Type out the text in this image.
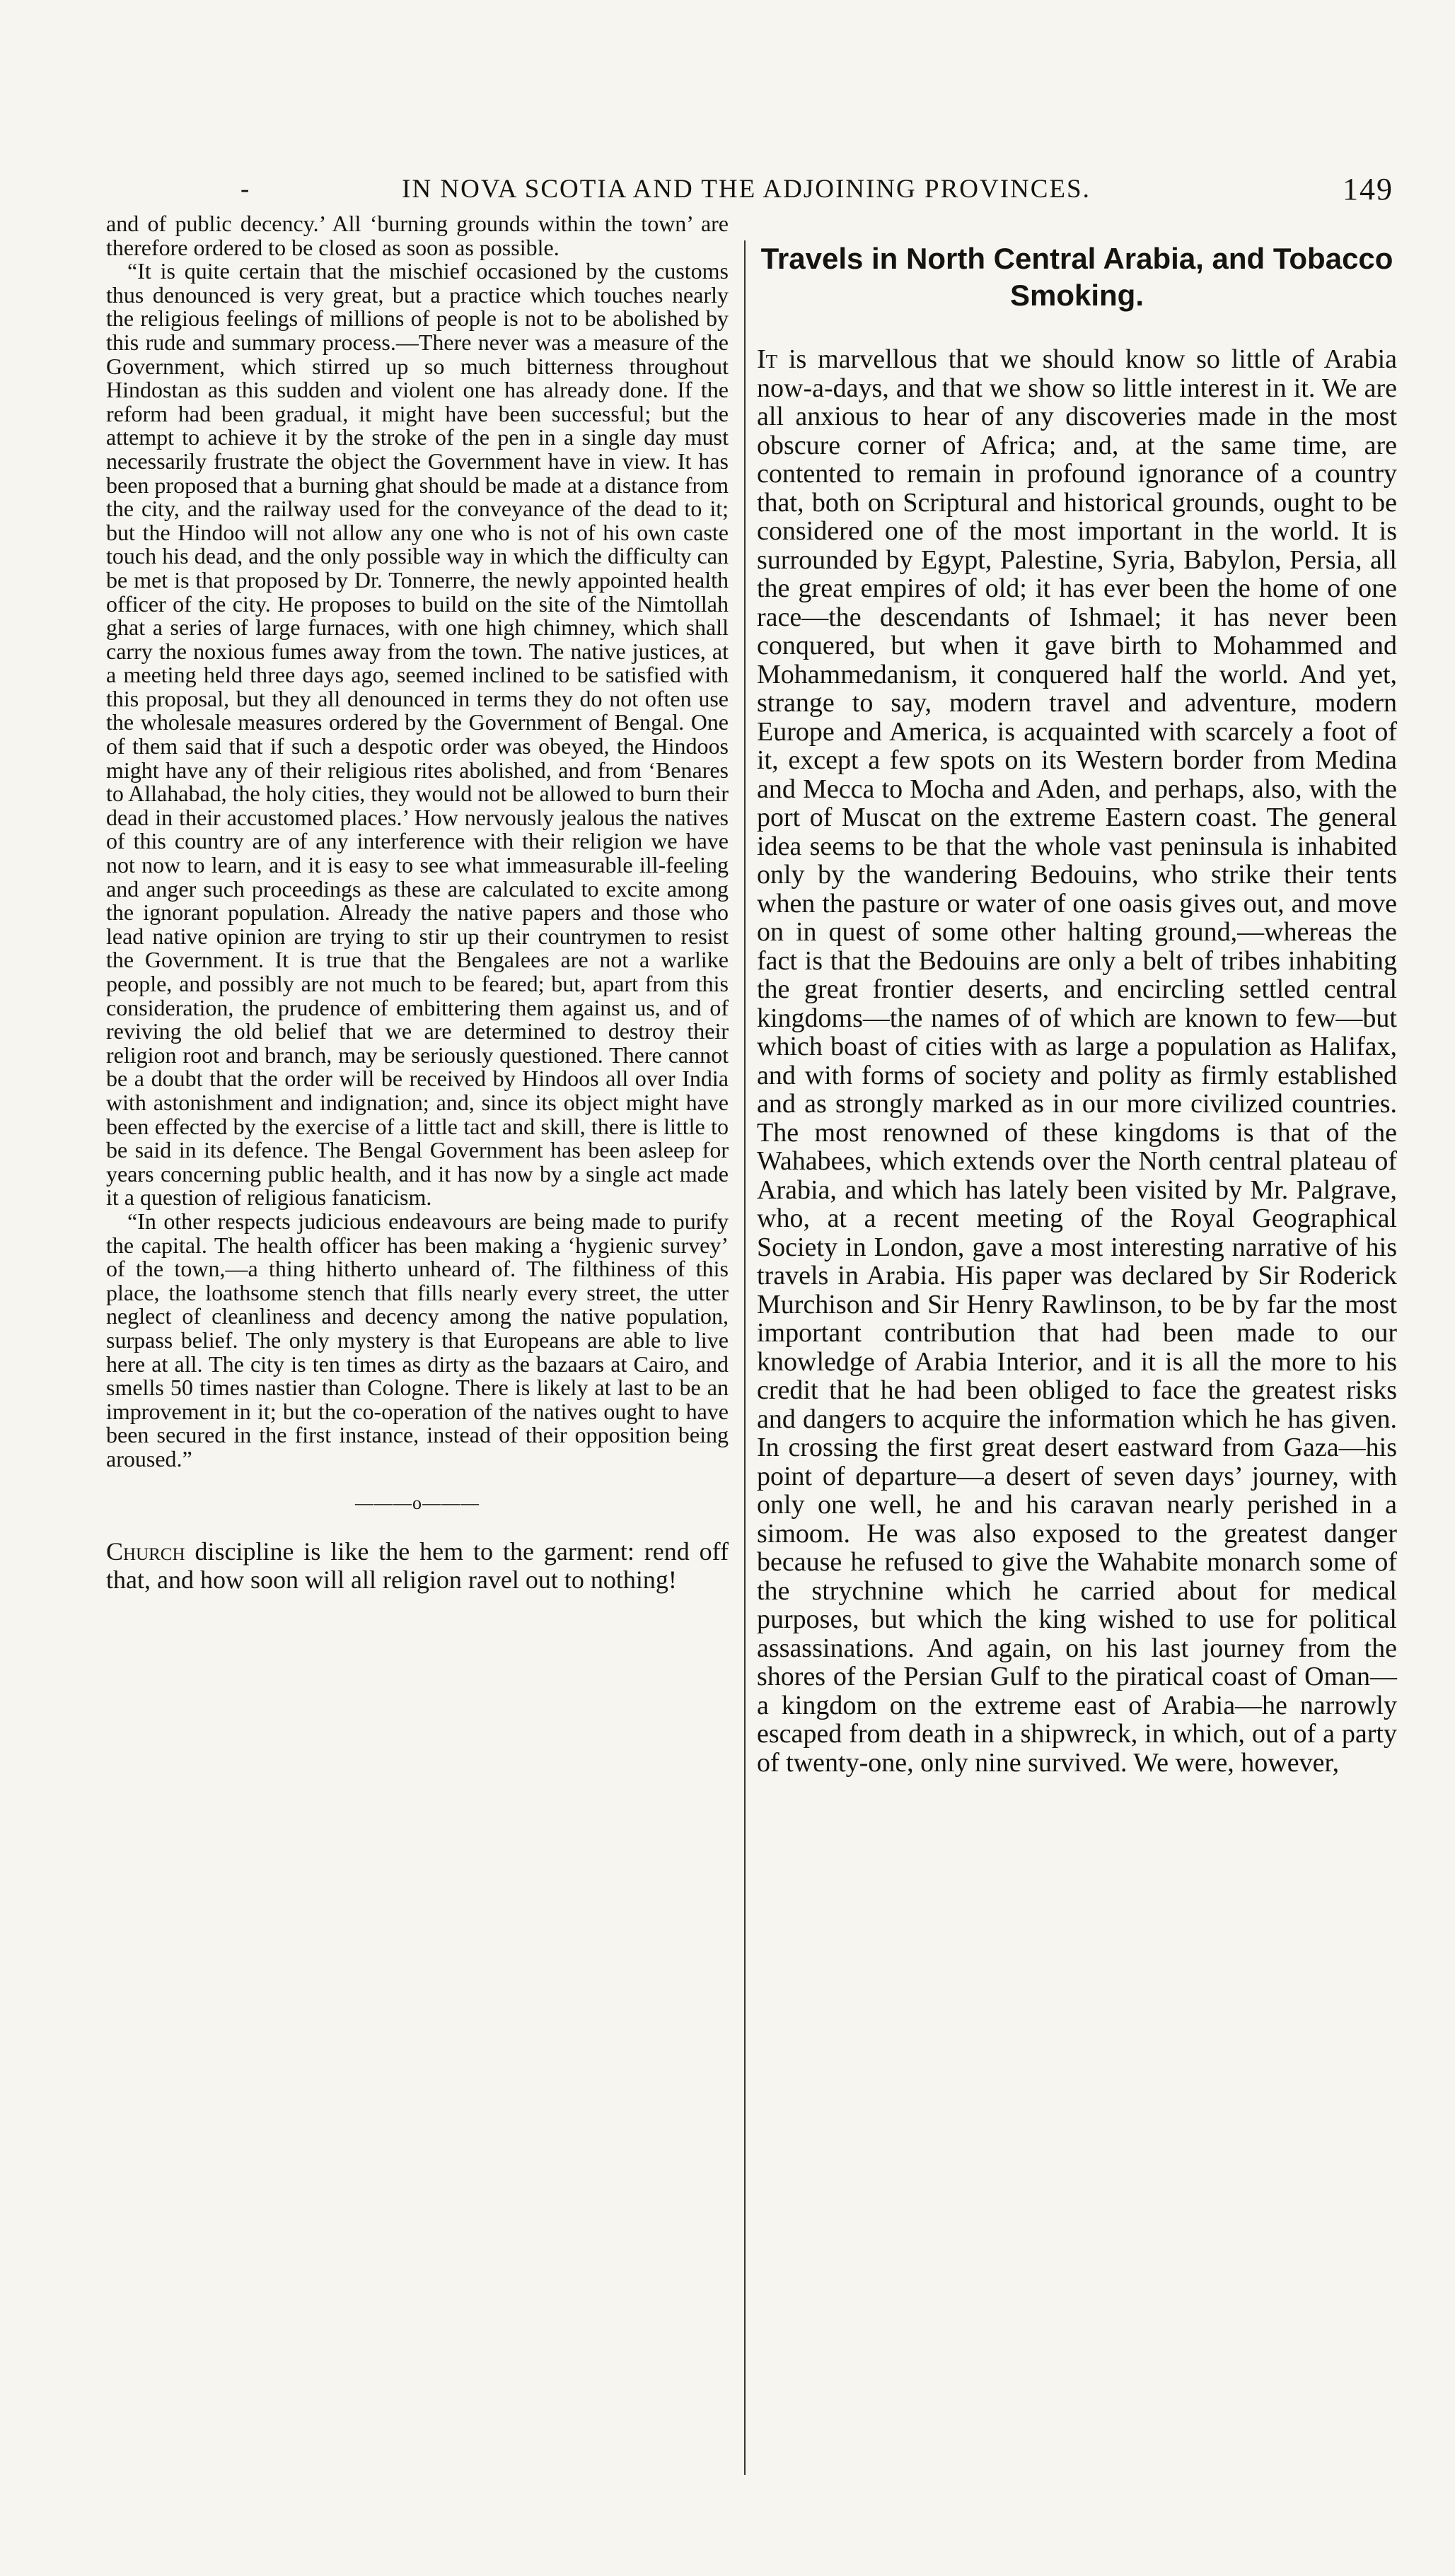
-	IN NOVA SCOTIA AND THE ADJOINING PROVINCES.	149

and of public decency.’ All ‘burning grounds within the town’ are therefore ordered to be closed as soon as possible.

“It is quite certain that the mischief occasioned by the customs thus denounced is very great, but a practice which touches nearly the religious feelings of millions of people is not to be abolished by this rude and summary process.—There never was a measure of the Government, which stirred up so much bitterness throughout Hindostan as this sudden and violent one has already done. If the reform had been gradual, it might have been successful; but the attempt to achieve it by the stroke of the pen in a single day must necessarily frustrate the object the Government have in view. It has been proposed that a burning ghat should be made at a distance from the city, and the railway used for the conveyance of the dead to it; but the Hindoo will not allow any one who is not of his own caste touch his dead, and the only possible way in which the difficulty can be met is that proposed by Dr. Tonnerre, the newly appointed health officer of the city. He proposes to build on the site of the Nimtollah ghat a series of large furnaces, with one high chimney, which shall carry the noxious fumes away from the town. The native justices, at a meeting held three days ago, seemed inclined to be satisfied with this proposal, but they all denounced in terms they do not often use the wholesale measures ordered by the Government of Bengal. One of them said that if such a despotic order was obeyed, the Hindoos might have any of their religious rites abolished, and from ‘Benares to Allahabad, the holy cities, they would not be allowed to burn their dead in their accustomed places.’ How nervously jealous the natives of this country are of any interference with their religion we have not now to learn, and it is easy to see what immeasurable ill-feeling and anger such proceedings as these are calculated to excite among the ignorant population. Already the native papers and those who lead native opinion are trying to stir up their countrymen to resist the Government. It is true that the Bengalees are not a warlike people, and possibly are not much to be feared; but, apart from this consideration, the prudence of embittering them against us, and of reviving the old belief that we are determined to destroy their religion root and branch, may be seriously questioned. There cannot be a doubt that the order will be received by Hindoos all over India with astonishment and indignation; and, since its object might have been effected by the exercise of a little tact and skill, there is little to be said in its defence. The Bengal Government has been asleep for years concerning public health, and it has now by a single act made it a question of religious fanaticism.

“In other respects judicious endeavours are being made to purify the capital. The health officer has been making a ‘hygienic survey’ of the town,—a thing hitherto unheard of. The filthiness of this place, the loathsome stench that fills nearly every street, the utter neglect of cleanliness and decency among the native population, surpass belief. The only mystery is that Europeans are able to live here at all. The city is ten times as dirty as the bazaars at Cairo, and smells 50 times nastier than Cologne. There is likely at last to be an improvement in it; but the co-operation of the natives ought to have been secured in the first instance, instead of their opposition being aroused.”

———o———

Church discipline is like the hem to the garment: rend off that, and how soon will all religion ravel out to nothing!

Travels in North Central Arabia, and Tobacco Smoking.

It is marvellous that we should know so little of Arabia now-a-days, and that we show so little interest in it. We are all anxious to hear of any discoveries made in the most obscure corner of Africa; and, at the same time, are contented to remain in profound ignorance of a country that, both on Scriptural and historical grounds, ought to be considered one of the most important in the world. It is surrounded by Egypt, Palestine, Syria, Babylon, Persia, all the great empires of old; it has ever been the home of one race—the descendants of Ishmael; it has never been conquered, but when it gave birth to Mohammed and Mohammedanism, it conquered half the world. And yet, strange to say, modern travel and adventure, modern Europe and America, is acquainted with scarcely a foot of it, except a few spots on its Western border from Medina and Mecca to Mocha and Aden, and perhaps, also, with the port of Muscat on the extreme Eastern coast. The general idea seems to be that the whole vast peninsula is inhabited only by the wandering Bedouins, who strike their tents when the pasture or water of one oasis gives out, and move on in quest of some other halting ground,—whereas the fact is that the Bedouins are only a belt of tribes inhabiting the great frontier deserts, and encircling settled central kingdoms—the names of of which are known to few—but which boast of cities with as large a population as Halifax, and with forms of society and polity as firmly established and as strongly marked as in our more civilized countries. The most renowned of these kingdoms is that of the Wahabees, which extends over the North central plateau of Arabia, and which has lately been visited by Mr. Palgrave, who, at a recent meeting of the Royal Geographical Society in London, gave a most interesting narrative of his travels in Arabia. His paper was declared by Sir Roderick Murchison and Sir Henry Rawlinson, to be by far the most important contribution that had been made to our knowledge of Arabia Interior, and it is all the more to his credit that he had been obliged to face the greatest risks and dangers to acquire the information which he has given. In crossing the first great desert eastward from Gaza—his point of departure—a desert of seven days’ journey, with only one well, he and his caravan nearly perished in a simoom. He was also exposed to the greatest danger because he refused to give the Wahabite monarch some of the strychnine which he carried about for medical purposes, but which the king wished to use for political assassinations. And again, on his last journey from the shores of the Persian Gulf to the piratical coast of Oman—a kingdom on the extreme east of Arabia—he narrowly escaped from death in a shipwreck, in which, out of a party of twenty-one, only nine survived. We were, however,
